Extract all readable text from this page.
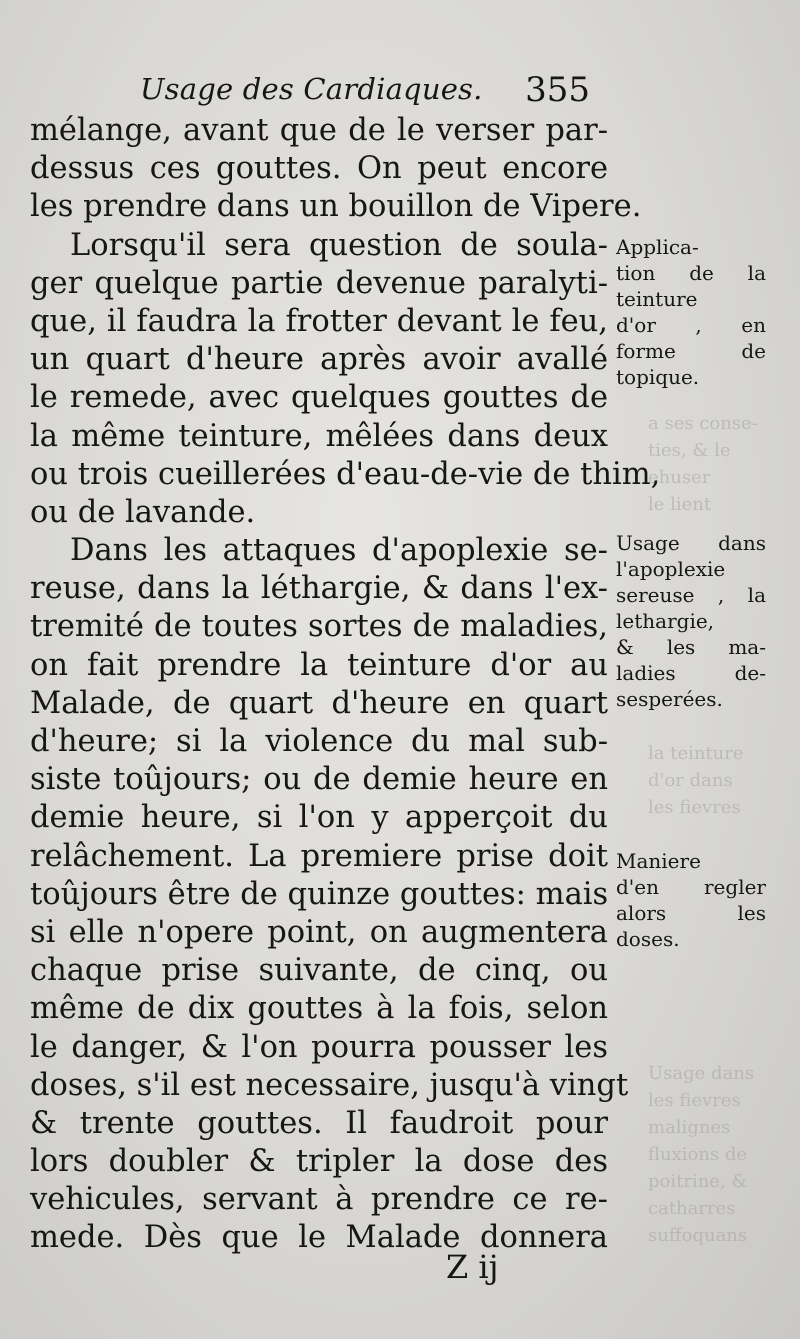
a ses conse-
ties, & le
ehuser
le lient
la teinture
d'or dans
les fievres
Usage dans
les fievres
malignes
fluxions de
poitrine, &
catharres
suffoquans
Usage des Cardiaques. 355
mélange, avant que de le verser par-
dessus ces gouttes. On peut encore
les prendre dans un bouillon de Vipere.
Lorsqu'il sera question de soula-
ger quelque partie devenue paralyti-
que, il faudra la frotter devant le feu,
un quart d'heure après avoir avallé
le remede, avec quelques gouttes de
la même teinture, mêlées dans deux
ou trois cueillerées d'eau-de-vie de thim,
ou de lavande.
Dans les attaques d'apoplexie se-
reuse, dans la léthargie, & dans l'ex-
tremité de toutes sortes de maladies,
on fait prendre la teinture d'or au
Malade, de quart d'heure en quart
d'heure; si la violence du mal sub-
siste toûjours; ou de demie heure en
demie heure, si l'on y apperçoit du
relâchement. La premiere prise doit
toûjours être de quinze gouttes: mais
si elle n'opere point, on augmentera
chaque prise suivante, de cinq, ou
même de dix gouttes à la fois, selon
le danger, & l'on pourra pousser les
doses, s'il est necessaire, jusqu'à vingt
& trente gouttes. Il faudroit pour
lors doubler & tripler la dose des
vehicules, servant à prendre ce re-
mede. Dès que le Malade donnera
Applica-
tion de la
teinture
d'or , en
forme de
topique.
Usage dans
l'apoplexie
sereuse , la
lethargie,
& les ma-
ladies de-
sesperées.
Maniere
d'en regler
alors les
doses.
Z ij
